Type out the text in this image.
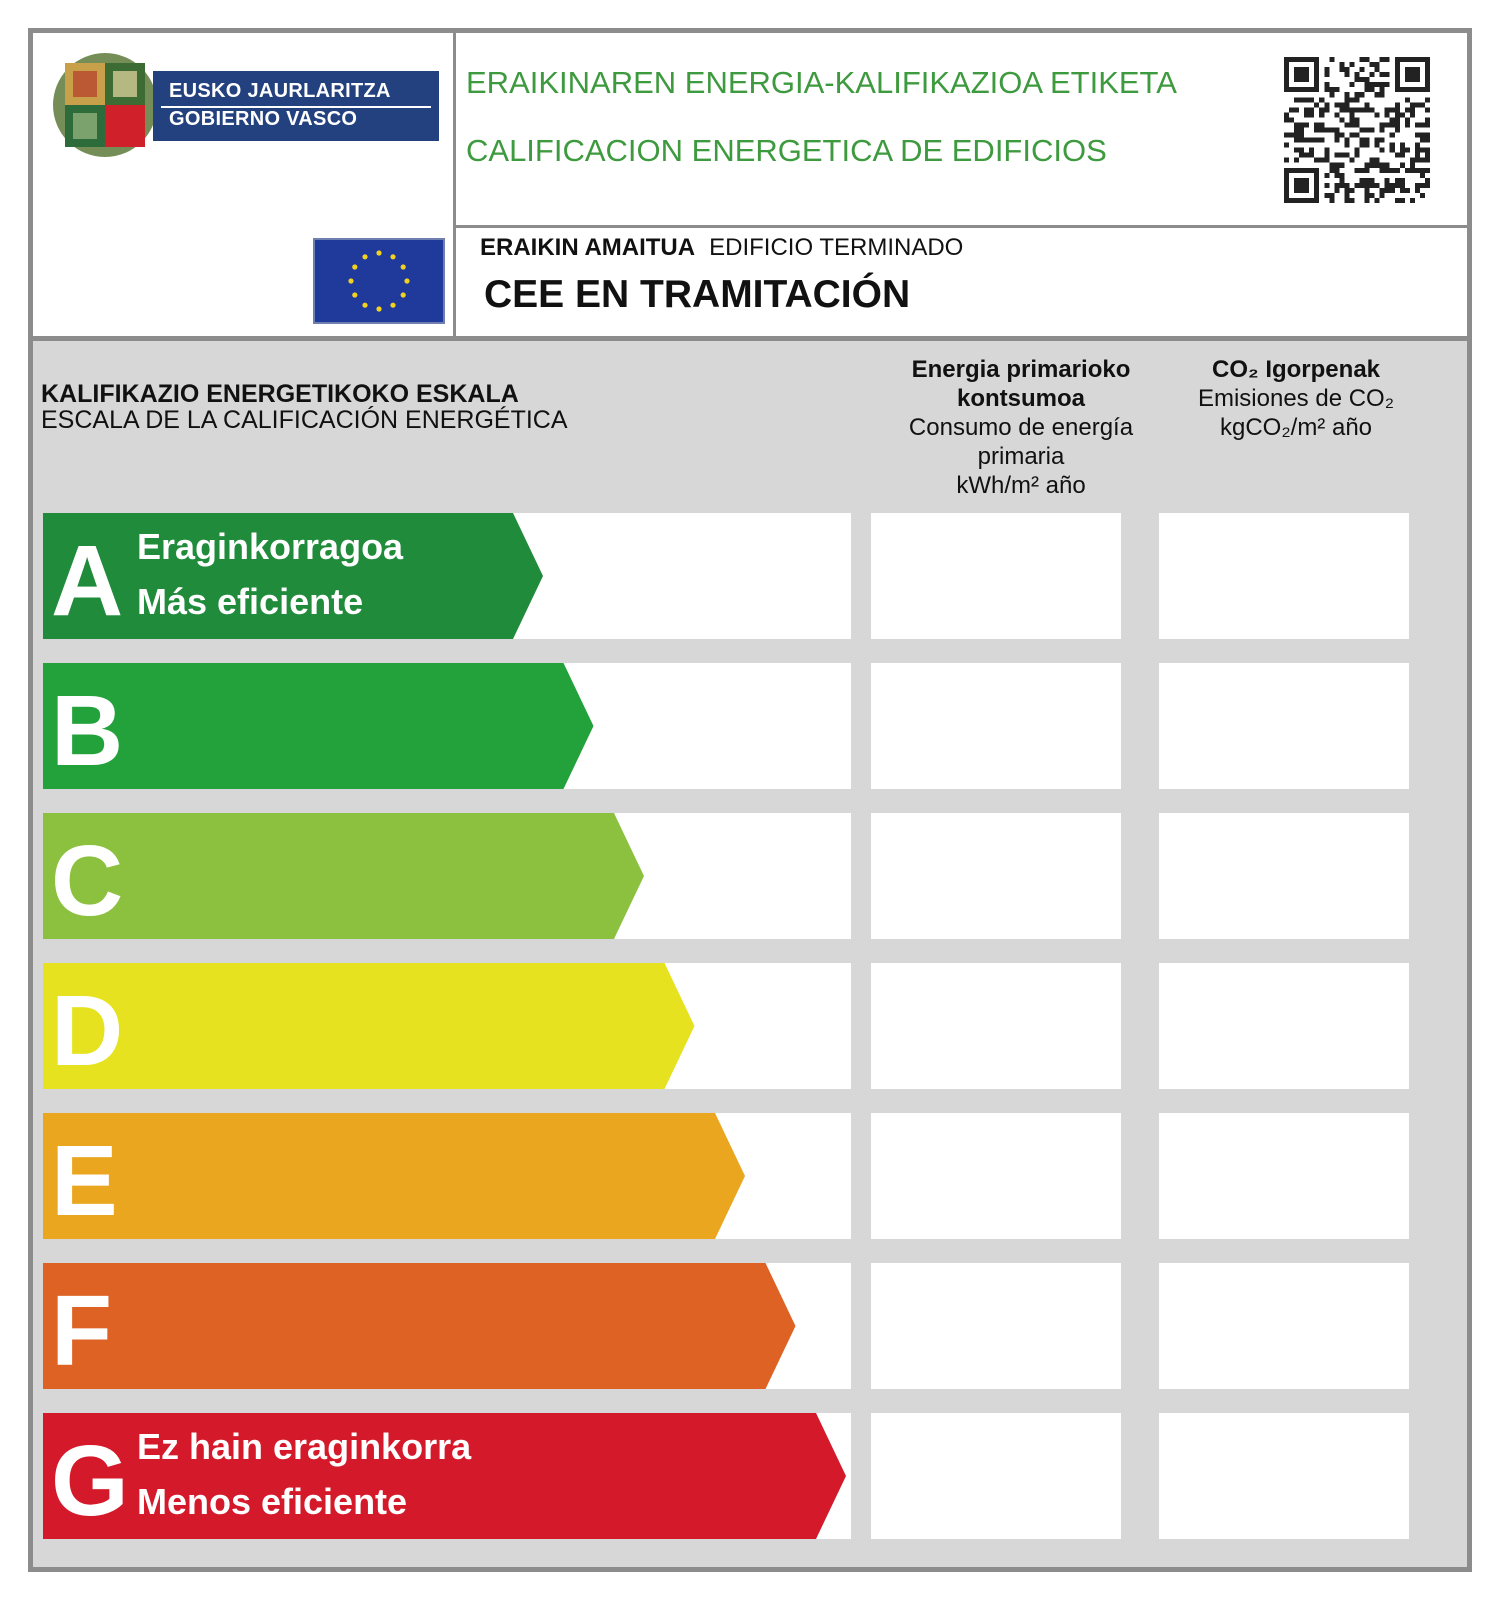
EUSKO JAURLARITZA
GOBIERNO VASCO
ERAIKINAREN ENERGIA-KALIFIKAZIOA ETIKETA
CALIFICACION ENERGETICA DE EDIFICIOS
ERAIKIN AMAITUA EDIFICIO TERMINADO
CEE EN TRAMITACIÓN
KALIFIKAZIO ENERGETIKOKO ESKALA
ESCALA DE LA CALIFICACIÓN ENERGÉTICA
Energia primarioko
kontsumoa
Consumo de energía
primaria
kWh/m² año
CO₂ Igorpenak
Emisiones de CO₂
kgCO₂/m² año
A Eraginkorragoa
Más eficiente
B
C
D
E
F
G Ez hain eraginkorra
Menos eficiente
